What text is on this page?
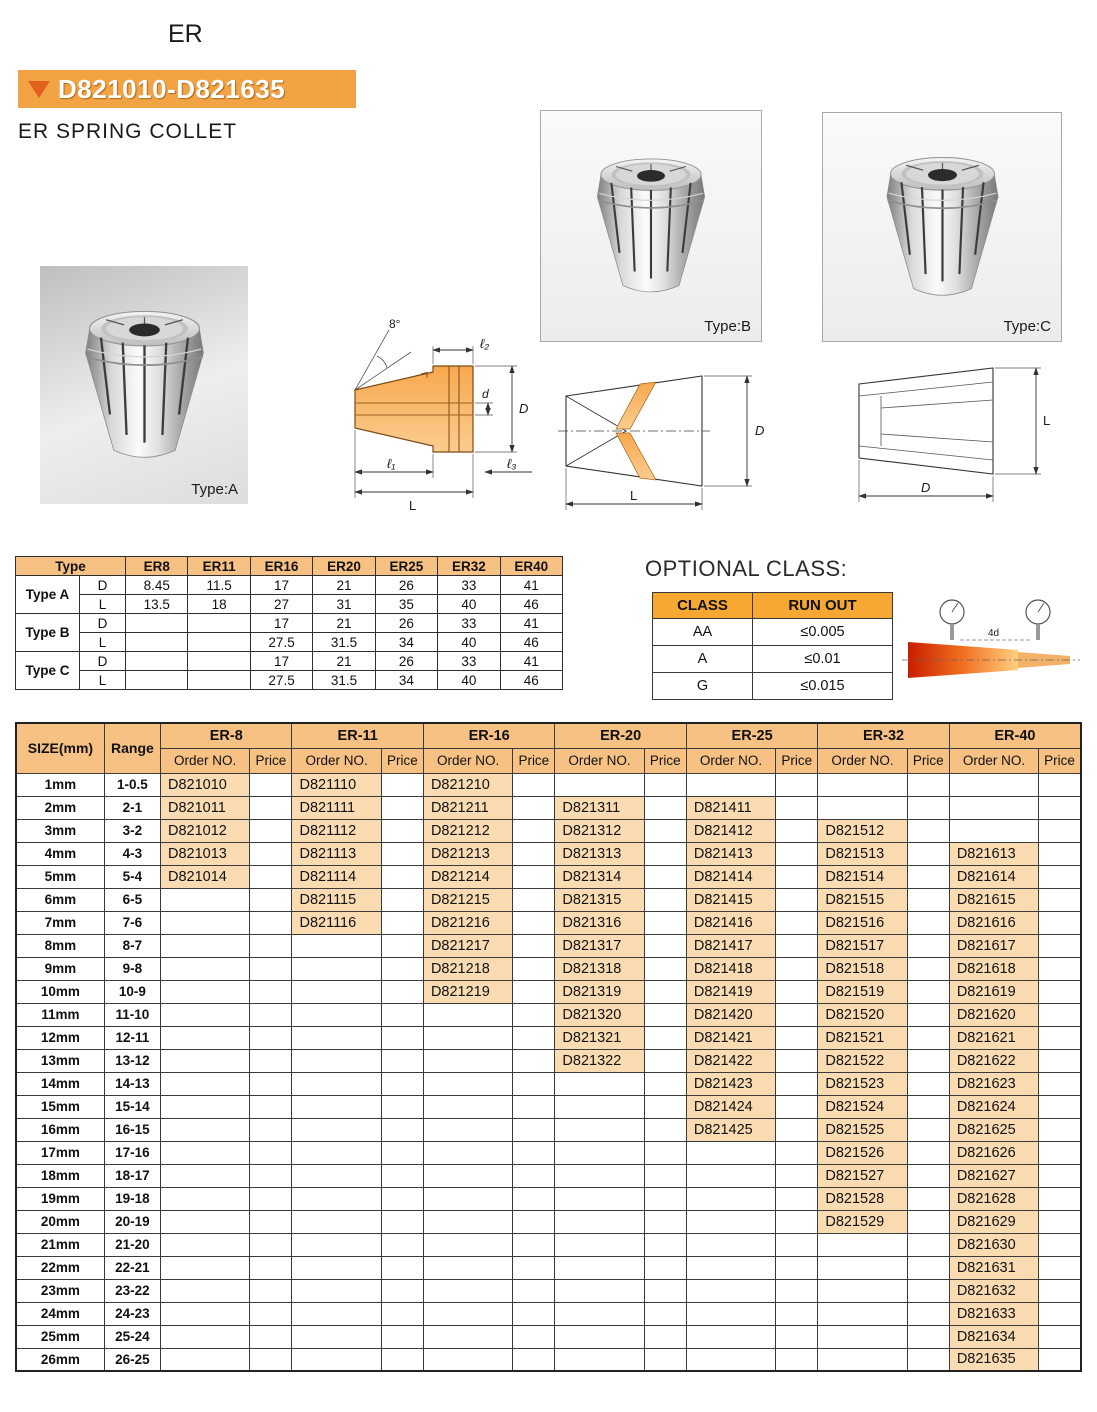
ER
D821010-D821635
ER SPRING COLLET
Type:A
Type:B	Type:C
8°
ℓ₂
d
D
ℓ₁
L
ℓ₃
D
L
L
D
Type		ER8	ER11	ER16	ER20	ER25	ER32	ER40
Type A	D	8.45	11.5	17	21	26	33	41
	L	13.5	18	27	31	35	40	46
Type B	D			17	21	26	33	41
	L			27.5	31.5	34	40	46
Type C	D			17	21	26	33	41
	L			27.5	31.5	34	40	46
OPTIONAL CLASS:
CLASS	RUN OUT
AA	≤0.005
A	≤0.01
G	≤0.015
4d
SIZE(mm)	Range	ER-8		ER-11		ER-16		ER-20		ER-25		ER-32		ER-40	
		Order NO.	Price	Order NO.	Price	Order NO.	Price	Order NO.	Price	Order NO.	Price	Order NO.	Price	Order NO.	Price
1mm	1-0.5	D821010		D821110		D821210									
2mm	2-1	D821011		D821111		D821211		D821311		D821411					
3mm	3-2	D821012		D821112		D821212		D821312		D821412		D821512			
4mm	4-3	D821013		D821113		D821213		D821313		D821413		D821513		D821613	
5mm	5-4	D821014		D821114		D821214		D821314		D821414		D821514		D821614	
6mm	6-5			D821115		D821215		D821315		D821415		D821515		D821615	
7mm	7-6			D821116		D821216		D821316		D821416		D821516		D821616	
8mm	8-7					D821217		D821317		D821417		D821517		D821617	
9mm	9-8					D821218		D821318		D821418		D821518		D821618	
10mm	10-9					D821219		D821319		D821419		D821519		D821619	
11mm	11-10							D821320		D821420		D821520		D821620	
12mm	12-11							D821321		D821421		D821521		D821621	
13mm	13-12							D821322		D821422		D821522		D821622	
14mm	14-13									D821423		D821523		D821623	
15mm	15-14									D821424		D821524		D821624	
16mm	16-15									D821425		D821525		D821625	
17mm	17-16											D821526		D821626	
18mm	18-17											D821527		D821627	
19mm	19-18											D821528		D821628	
20mm	20-19											D821529		D821629	
21mm	21-20													D821630	
22mm	22-21													D821631	
23mm	23-22													D821632	
24mm	24-23													D821633	
25mm	25-24													D821634	
26mm	26-25													D821635	
